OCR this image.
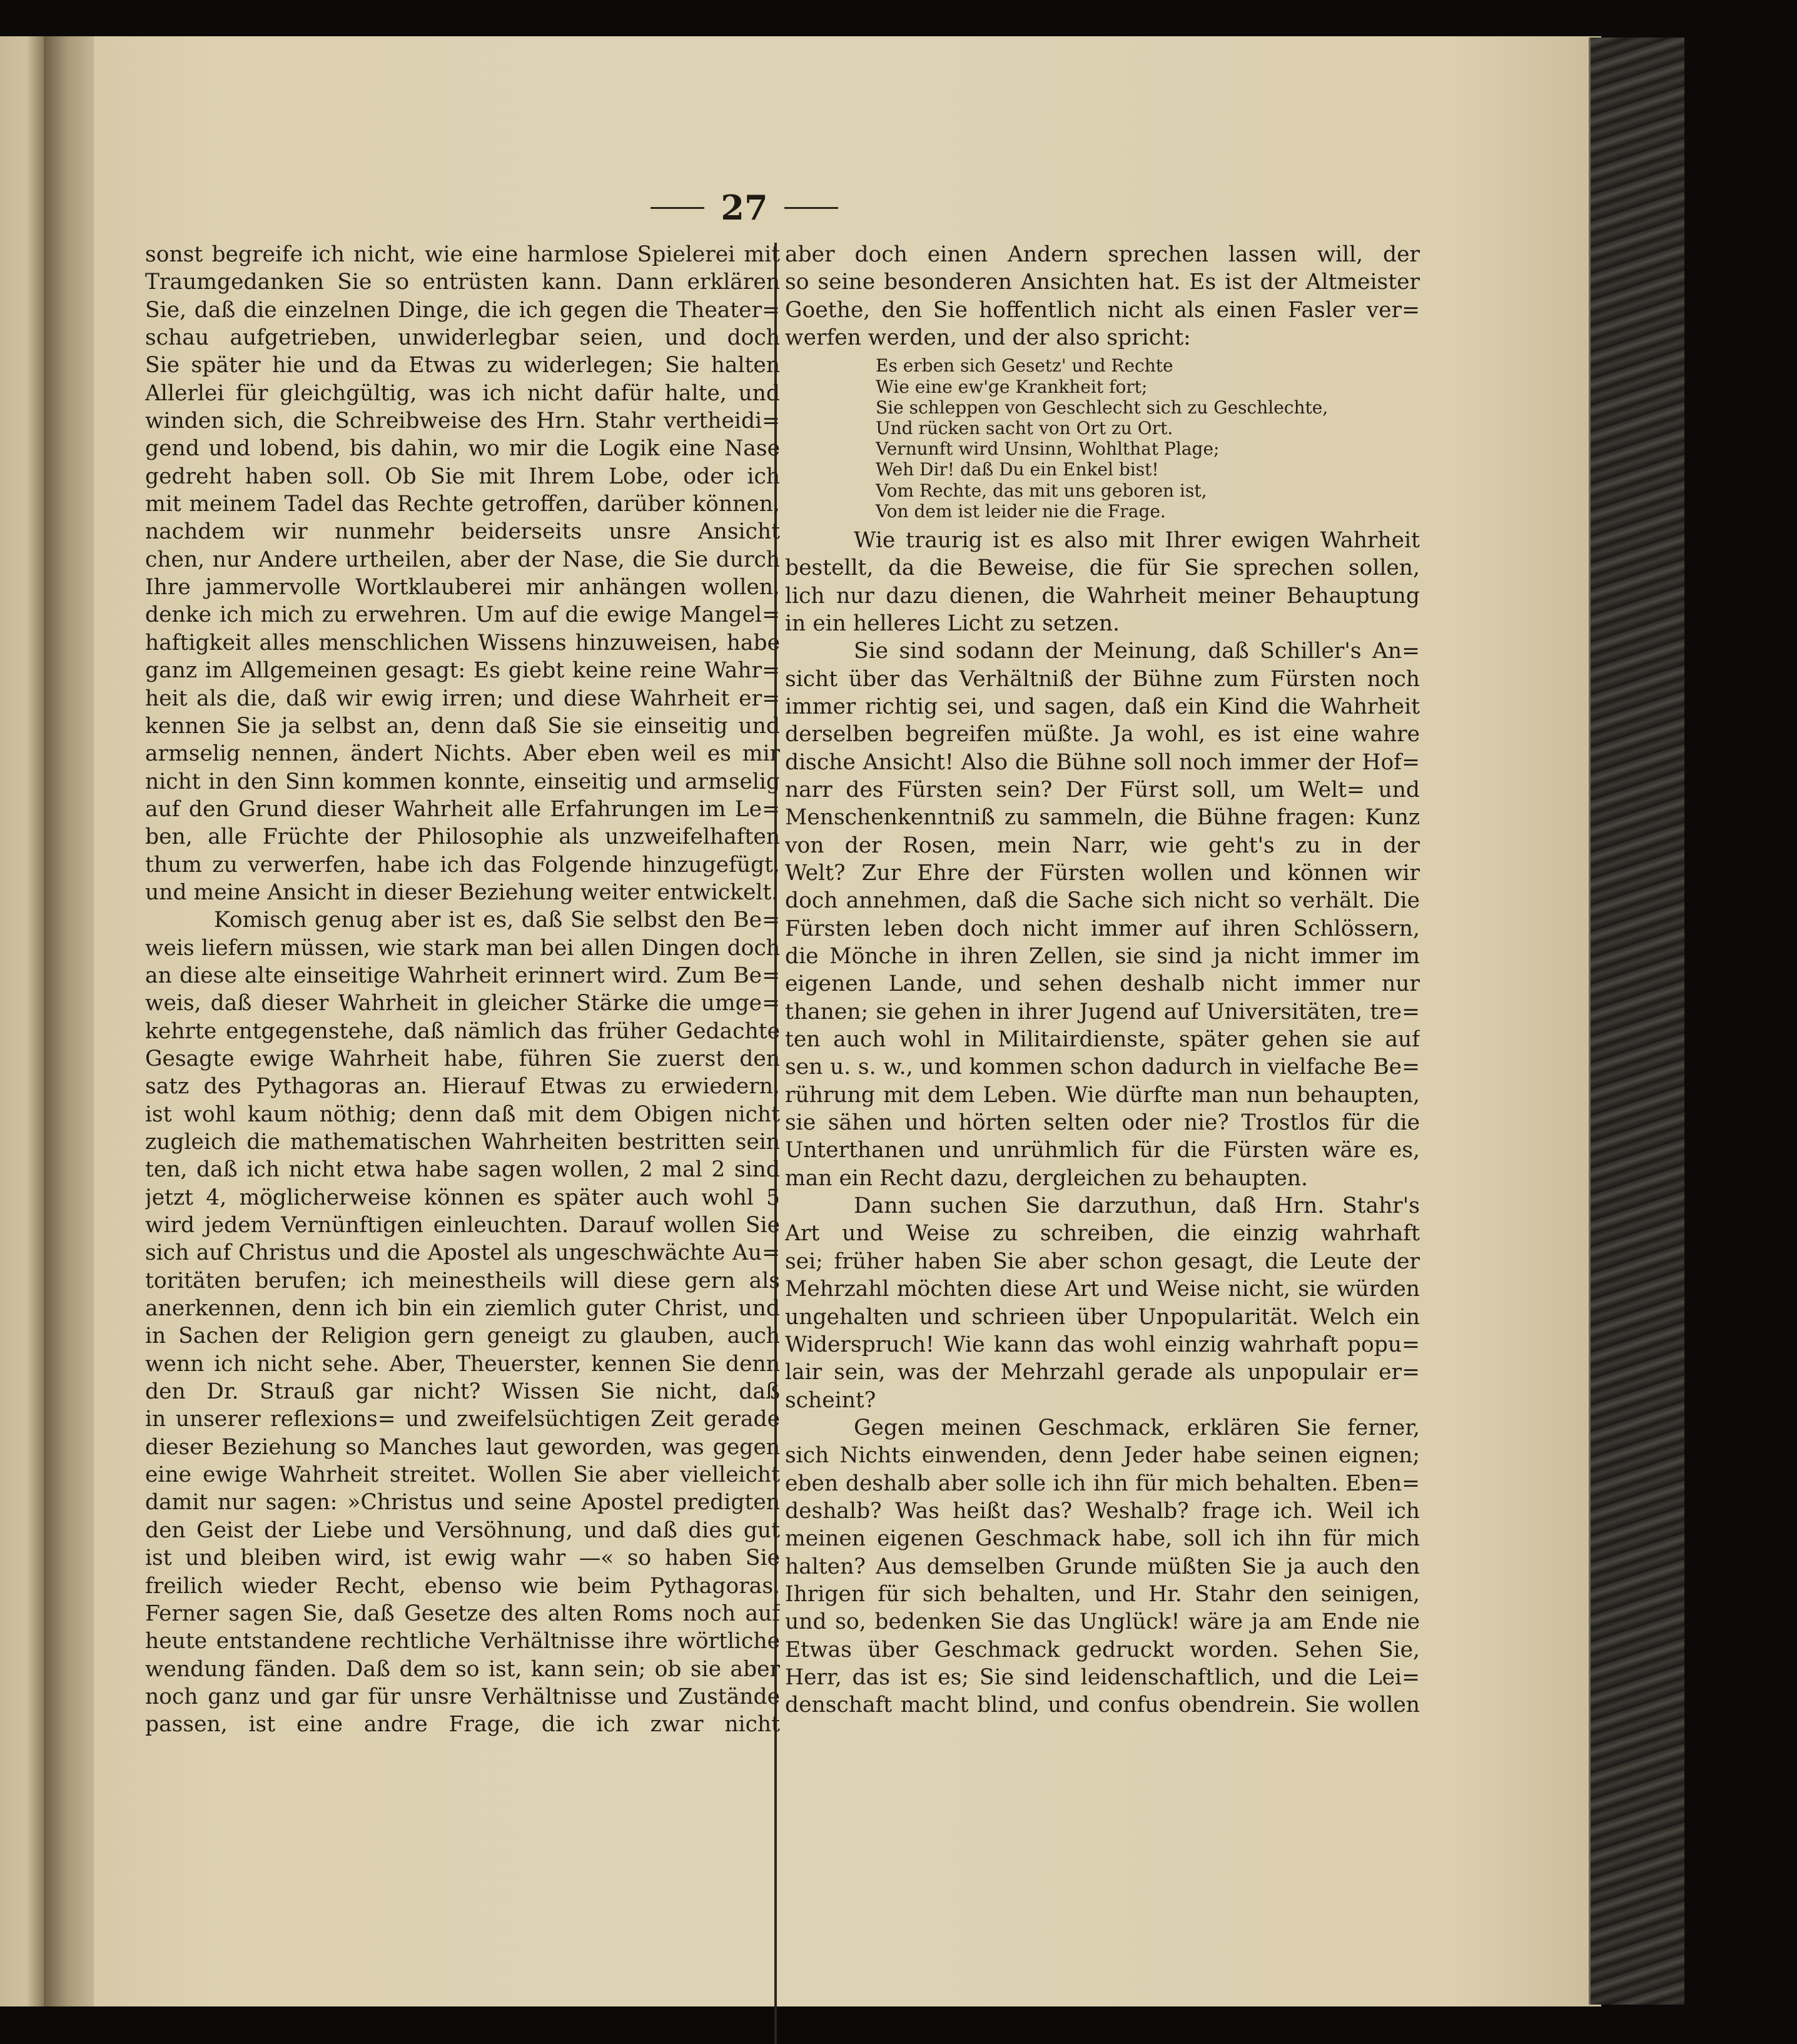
27
sonst begreife ich nicht, wie eine harmlose Spielerei mit
Traumgedanken Sie so entrüsten kann. Dann erklären
Sie, daß die einzelnen Dinge, die ich gegen die Theater=
schau aufgetrieben, unwiderlegbar seien, und doch
Sie später hie und da Etwas zu widerlegen; Sie halten
Allerlei für gleichgültig, was ich nicht dafür halte, und
winden sich, die Schreibweise des Hrn. Stahr vertheidi=
gend und lobend, bis dahin, wo mir die Logik eine Nase
gedreht haben soll. Ob Sie mit Ihrem Lobe, oder ich
mit meinem Tadel das Rechte getroffen, darüber können,
nachdem wir nunmehr beiderseits unsre Ansicht
chen, nur Andere urtheilen, aber der Nase, die Sie durch
Ihre jammervolle Wortklauberei mir anhängen wollen,
denke ich mich zu erwehren. Um auf die ewige Mangel=
haftigkeit alles menschlichen Wissens hinzuweisen, habe
ganz im Allgemeinen gesagt: Es giebt keine reine Wahr=
heit als die, daß wir ewig irren; und diese Wahrheit er=
kennen Sie ja selbst an, denn daß Sie sie einseitig und
armselig nennen, ändert Nichts. Aber eben weil es mir
nicht in den Sinn kommen konnte, einseitig und armselig
auf den Grund dieser Wahrheit alle Erfahrungen im Le=
ben, alle Früchte der Philosophie als unzweifelhaften
thum zu verwerfen, habe ich das Folgende hinzugefügt,
und meine Ansicht in dieser Beziehung weiter entwickelt.
Komisch genug aber ist es, daß Sie selbst den Be=
weis liefern müssen, wie stark man bei allen Dingen doch
an diese alte einseitige Wahrheit erinnert wird. Zum Be=
weis, daß dieser Wahrheit in gleicher Stärke die umge=
kehrte entgegenstehe, daß nämlich das früher Gedachte
Gesagte ewige Wahrheit habe, führen Sie zuerst den
satz des Pythagoras an. Hierauf Etwas zu erwiedern,
ist wohl kaum nöthig; denn daß mit dem Obigen nicht
zugleich die mathematischen Wahrheiten bestritten sein
ten, daß ich nicht etwa habe sagen wollen, 2 mal 2 sind
jetzt 4, möglicherweise können es später auch wohl 5
wird jedem Vernünftigen einleuchten. Darauf wollen Sie
sich auf Christus und die Apostel als ungeschwächte Au=
toritäten berufen; ich meinestheils will diese gern als
anerkennen, denn ich bin ein ziemlich guter Christ, und
in Sachen der Religion gern geneigt zu glauben, auch
wenn ich nicht sehe. Aber, Theuerster, kennen Sie denn
den Dr. Strauß gar nicht? Wissen Sie nicht, daß
in unserer reflexions= und zweifelsüchtigen Zeit gerade
dieser Beziehung so Manches laut geworden, was gegen
eine ewige Wahrheit streitet. Wollen Sie aber vielleicht
damit nur sagen: »Christus und seine Apostel predigten
den Geist der Liebe und Versöhnung, und daß dies gut
ist und bleiben wird, ist ewig wahr —« so haben Sie
freilich wieder Recht, ebenso wie beim Pythagoras.
Ferner sagen Sie, daß Gesetze des alten Roms noch auf
heute entstandene rechtliche Verhältnisse ihre wörtliche
wendung fänden. Daß dem so ist, kann sein; ob sie aber
noch ganz und gar für unsre Verhältnisse und Zustände
passen, ist eine andre Frage, die ich zwar nicht
aber doch einen Andern sprechen lassen will, der
so seine besonderen Ansichten hat. Es ist der Altmeister
Goethe, den Sie hoffentlich nicht als einen Fasler ver=
werfen werden, und der also spricht:
Es erben sich Gesetz' und Rechte
Wie eine ew'ge Krankheit fort;
Sie schleppen von Geschlecht sich zu Geschlechte,
Und rücken sacht von Ort zu Ort.
Vernunft wird Unsinn, Wohlthat Plage;
Weh Dir! daß Du ein Enkel bist!
Vom Rechte, das mit uns geboren ist,
Von dem ist leider nie die Frage.
Wie traurig ist es also mit Ihrer ewigen Wahrheit
bestellt, da die Beweise, die für Sie sprechen sollen,
lich nur dazu dienen, die Wahrheit meiner Behauptung
in ein helleres Licht zu setzen.
Sie sind sodann der Meinung, daß Schiller's An=
sicht über das Verhältniß der Bühne zum Fürsten noch
immer richtig sei, und sagen, daß ein Kind die Wahrheit
derselben begreifen müßte. Ja wohl, es ist eine wahre
dische Ansicht! Also die Bühne soll noch immer der Hof=
narr des Fürsten sein? Der Fürst soll, um Welt= und
Menschenkenntniß zu sammeln, die Bühne fragen: Kunz
von der Rosen, mein Narr, wie geht's zu in der
Welt? Zur Ehre der Fürsten wollen und können wir
doch annehmen, daß die Sache sich nicht so verhält. Die
Fürsten leben doch nicht immer auf ihren Schlössern,
die Mönche in ihren Zellen, sie sind ja nicht immer im
eigenen Lande, und sehen deshalb nicht immer nur
thanen; sie gehen in ihrer Jugend auf Universitäten, tre=
ten auch wohl in Militairdienste, später gehen sie auf
sen u. s. w., und kommen schon dadurch in vielfache Be=
rührung mit dem Leben. Wie dürfte man nun behaupten,
sie sähen und hörten selten oder nie? Trostlos für die
Unterthanen und unrühmlich für die Fürsten wäre es,
man ein Recht dazu, dergleichen zu behaupten.
Dann suchen Sie darzuthun, daß Hrn. Stahr's
Art und Weise zu schreiben, die einzig wahrhaft
sei; früher haben Sie aber schon gesagt, die Leute der
Mehrzahl möchten diese Art und Weise nicht, sie würden
ungehalten und schrieen über Unpopularität. Welch ein
Widerspruch! Wie kann das wohl einzig wahrhaft popu=
lair sein, was der Mehrzahl gerade als unpopulair er=
scheint?
Gegen meinen Geschmack, erklären Sie ferner,
sich Nichts einwenden, denn Jeder habe seinen eignen;
eben deshalb aber solle ich ihn für mich behalten. Eben=
deshalb? Was heißt das? Weshalb? frage ich. Weil ich
meinen eigenen Geschmack habe, soll ich ihn für mich
halten? Aus demselben Grunde müßten Sie ja auch den
Ihrigen für sich behalten, und Hr. Stahr den seinigen,
und so, bedenken Sie das Unglück! wäre ja am Ende nie
Etwas über Geschmack gedruckt worden. Sehen Sie,
Herr, das ist es; Sie sind leidenschaftlich, und die Lei=
denschaft macht blind, und confus obendrein. Sie wollen
